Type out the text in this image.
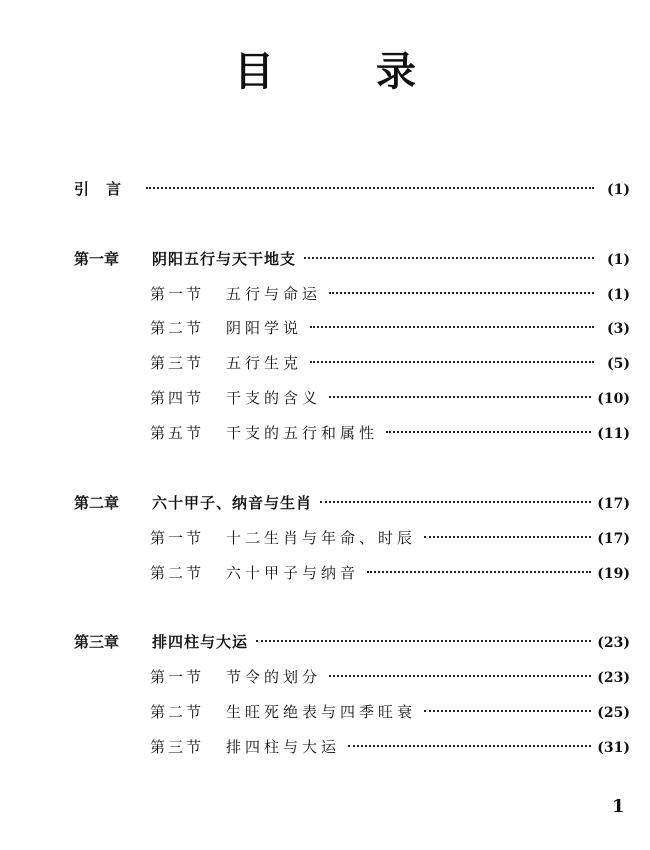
目 录
引言	(1)
第一章	阴阳五行与天干地支	(1)
第一节	五行与命运	(1)
第二节	阴阳学说	(3)
第三节	五行生克	(5)
第四节	干支的含义	(10)
第五节	干支的五行和属性	(11)
第二章	六十甲子、纳音与生肖	(17)
第一节	十二生肖与年命、时辰	(17)
第二节	六十甲子与纳音	(19)
第三章	排四柱与大运	(23)
第一节	节令的划分	(23)
第二节	生旺死绝表与四季旺衰	(25)
第三节	排四柱与大运	(31)
1
